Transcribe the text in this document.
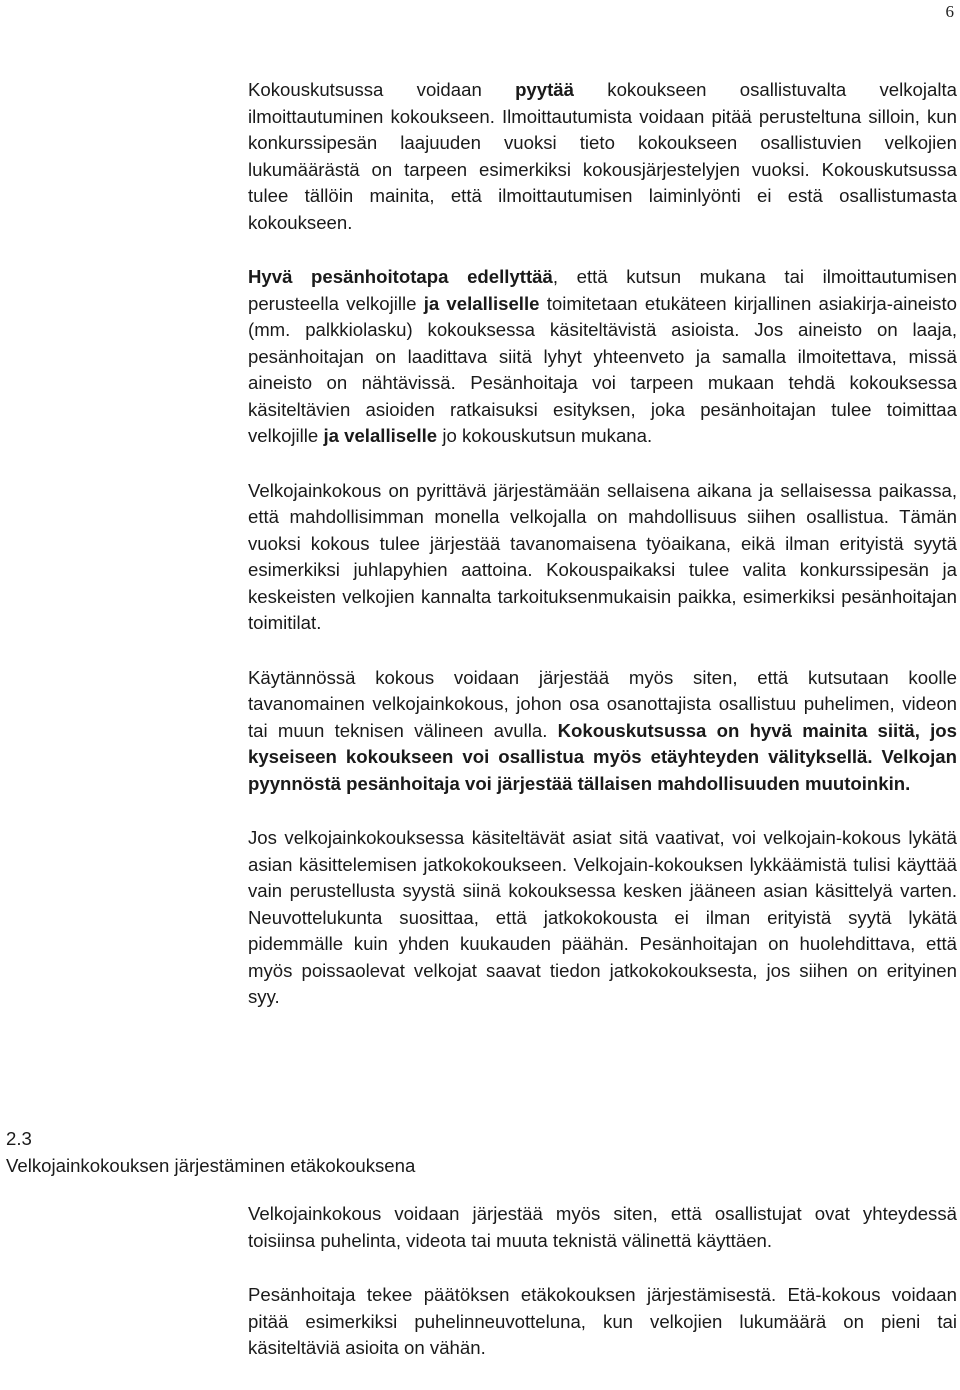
6

Kokouskutsussa voidaan pyytää kokoukseen osallistuvalta velkojalta ilmoittautuminen kokoukseen. Ilmoittautumista voidaan pitää perusteltuna silloin, kun konkurssipesän laajuuden vuoksi tieto kokoukseen osallistuvien velkojien lukumäärästä on tarpeen esimerkiksi kokousjärjestelyjen vuoksi. Kokouskutsussa tulee tällöin mainita, että ilmoittautumisen laiminlyönti ei estä osallistumasta kokoukseen.

Hyvä pesänhoitotapa edellyttää, että kutsun mukana tai ilmoittautumisen perusteella velkojille ja velalliselle toimitetaan etukäteen kirjallinen asiakirja-aineisto (mm. palkkiolasku) kokouksessa käsiteltävistä asioista. Jos aineisto on laaja, pesänhoitajan on laadittava siitä lyhyt yhteenveto ja samalla ilmoitettava, missä aineisto on nähtävissä. Pesänhoitaja voi tarpeen mukaan tehdä kokouksessa käsiteltävien asioiden ratkaisuksi esityksen, joka pesänhoitajan tulee toimittaa velkojille ja velalliselle jo kokouskutsun mukana.

Velkojainkokous on pyrittävä järjestämään sellaisena aikana ja sellaisessa paikassa, että mahdollisimman monella velkojalla on mahdollisuus siihen osallistua. Tämän vuoksi kokous tulee järjestää tavanomaisena työaikana, eikä ilman erityistä syytä esimerkiksi juhlapyhien aattoina. Kokouspaikaksi tulee valita konkurssipesän ja keskeisten velkojien kannalta tarkoituksenmukaisin paikka, esimerkiksi pesänhoitajan toimitilat.

Käytännössä kokous voidaan järjestää myös siten, että kutsutaan koolle tavanomainen velkojainkokous, johon osa osanottajista osallistuu puhelimen, videon tai muun teknisen välineen avulla. Kokouskutsussa on hyvä mainita siitä, jos kyseiseen kokoukseen voi osallistua myös etäyhteyden välityksellä. Velkojan pyynnöstä pesänhoitaja voi järjestää tällaisen mahdollisuuden muutoinkin.

Jos velkojainkokouksessa käsiteltävät asiat sitä vaativat, voi velkojain-kokous lykätä asian käsittelemisen jatkokokoukseen. Velkojain-kokouksen lykkäämistä tulisi käyttää vain perustellusta syystä siinä kokouksessa kesken jääneen asian käsittelyä varten. Neuvottelukunta suosittaa, että jatkokokousta ei ilman erityistä syytä lykätä pidemmälle kuin yhden kuukauden päähän. Pesänhoitajan on huolehdittava, että myös poissaolevat velkojat saavat tiedon jatkokokouksesta, jos siihen on erityinen syy.

2.3
Velkojainkokouksen järjestäminen etäkokouksena

Velkojainkokous voidaan järjestää myös siten, että osallistujat ovat yhteydessä toisiinsa puhelinta, videota tai muuta teknistä välinettä käyttäen.

Pesänhoitaja tekee päätöksen etäkokouksen järjestämisestä. Etä-kokous voidaan pitää esimerkiksi puhelinneuvotteluna, kun velkojien lukumäärä on pieni tai käsiteltäviä asioita on vähän.
